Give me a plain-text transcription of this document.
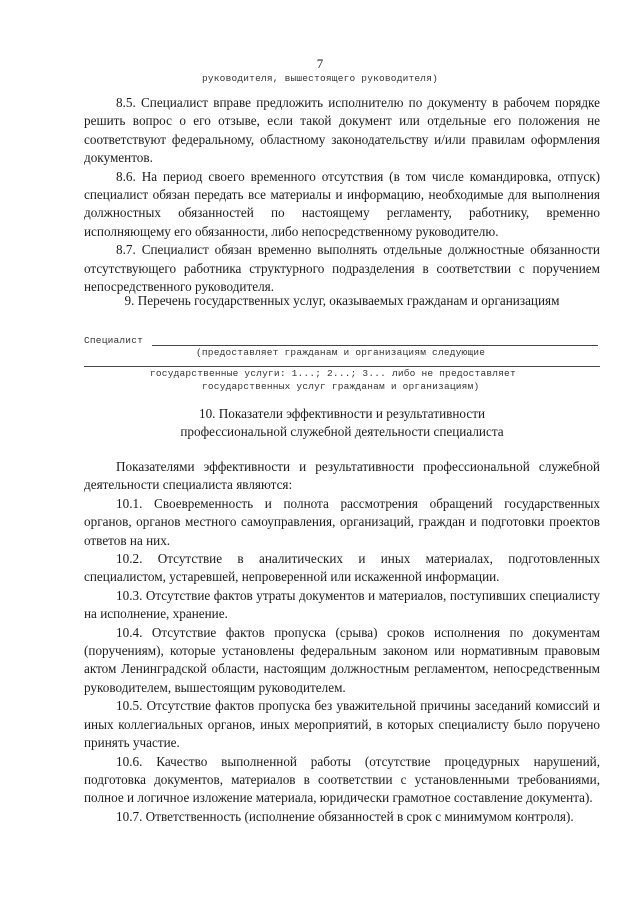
7
руководителя, вышестоящего руководителя)

8.5. Специалист вправе предложить исполнителю по документу в рабочем порядке решить вопрос о его отзыве, если такой документ или отдельные его положения не соответствуют федеральному, областному законодательству и/или правилам оформления документов.

8.6. На период своего временного отсутствия (в том числе командировка, отпуск) специалист обязан передать все материалы и информацию, необходимые для выполнения должностных обязанностей по настоящему регламенту, работнику, временно исполняющему его обязанности, либо непосредственному руководителю.

8.7. Специалист обязан временно выполнять отдельные должностные обязанности отсутствующего работника структурного подразделения в соответствии с поручением непосредственного руководителя.

9. Перечень государственных услуг, оказываемых гражданам и организациям
Специалист
(предоставляет гражданам и организациям следующие
государственные услуги: 1...; 2...; 3... либо не предоставляет
государственных услуг гражданам и организациям)
10. Показатели эффективности и результативности
профессиональной служебной деятельности специалиста

Показателями эффективности и результативности профессиональной служебной деятельности специалиста являются:

10.1. Своевременность и полнота рассмотрения обращений государственных органов, органов местного самоуправления, организаций, граждан и подготовки проектов ответов на них.

10.2. Отсутствие в аналитических и иных материалах, подготовленных специалистом, устаревшей, непроверенной или искаженной информации.

10.3. Отсутствие фактов утраты документов и материалов, поступивших специалисту на исполнение, хранение.

10.4. Отсутствие фактов пропуска (срыва) сроков исполнения по документам (поручениям), которые установлены федеральным законом или нормативным правовым актом Ленинградской области, настоящим должностным регламентом, непосредственным руководителем, вышестоящим руководителем.

10.5. Отсутствие фактов пропуска без уважительной причины заседаний комиссий и иных коллегиальных органов, иных мероприятий, в которых специалисту было поручено принять участие.

10.6. Качество выполненной работы (отсутствие процедурных нарушений, подготовка документов, материалов в соответствии с установленными требованиями, полное и логичное изложение материала, юридически грамотное составление документа).

10.7. Ответственность (исполнение обязанностей в срок с минимумом контроля).
